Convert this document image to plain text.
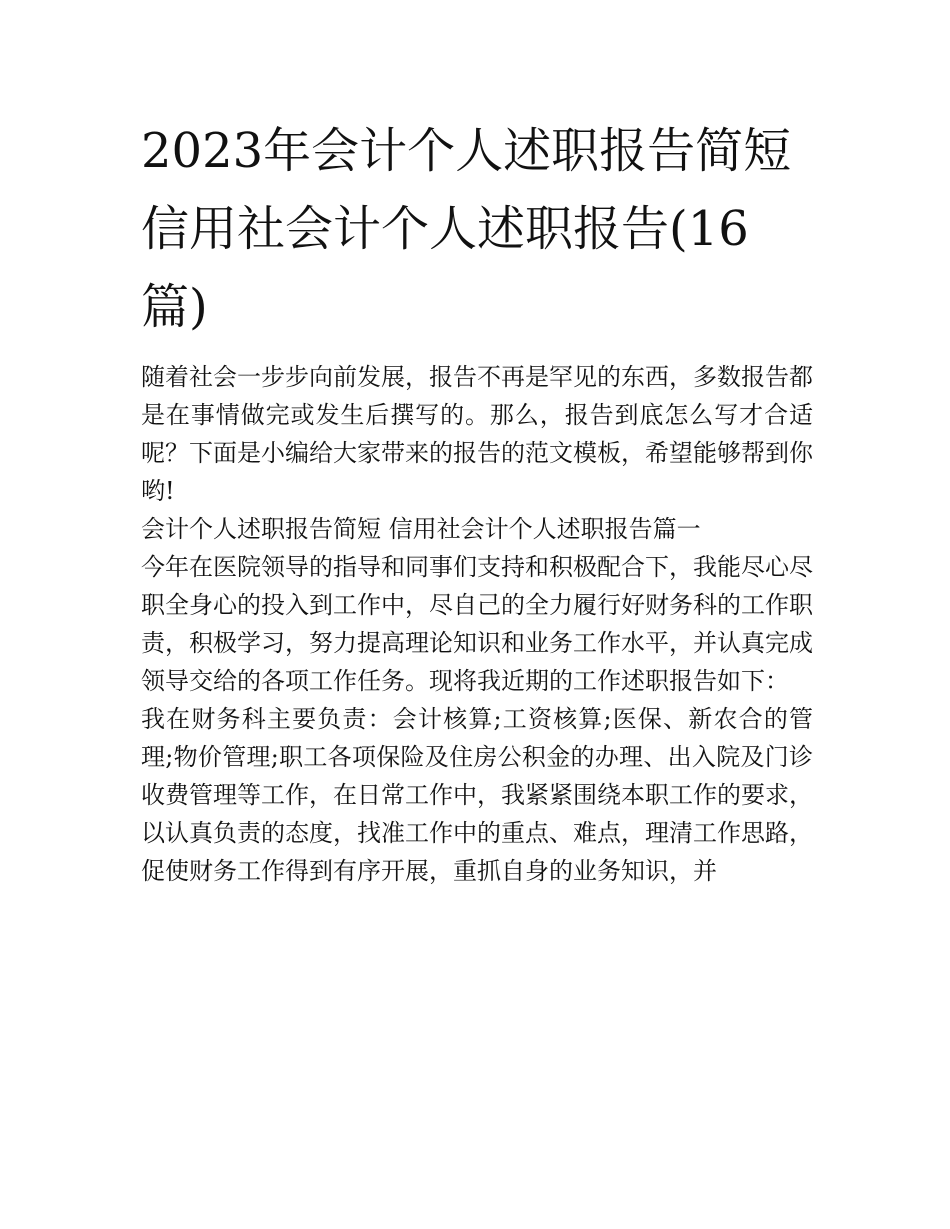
2023年会计个人述职报告简短 信用社会计个人述职报告(16篇)

随着社会一步步向前发展，报告不再是罕见的东西，多数报告都是在事情做完或发生后撰写的。那么，报告到底怎么写才合适呢？下面是小编给大家带来的报告的范文模板，希望能够帮到你哟!

会计个人述职报告简短 信用社会计个人述职报告篇一

今年在医院领导的指导和同事们支持和积极配合下，我能尽心尽职全身心的投入到工作中，尽自己的全力履行好财务科的工作职责，积极学习，努力提高理论知识和业务工作水平，并认真完成领导交给的各项工作任务。现将我近期的工作述职报告如下：

我在财务科主要负责：会计核算;工资核算;医保、新农合的管理;物价管理;职工各项保险及住房公积金的办理、出入院及门诊收费管理等工作，在日常工作中，我紧紧围绕本职工作的要求，以认真负责的态度，找准工作中的重点、难点，理清工作思路，促使财务工作得到有序开展，重抓自身的业务知识，并
